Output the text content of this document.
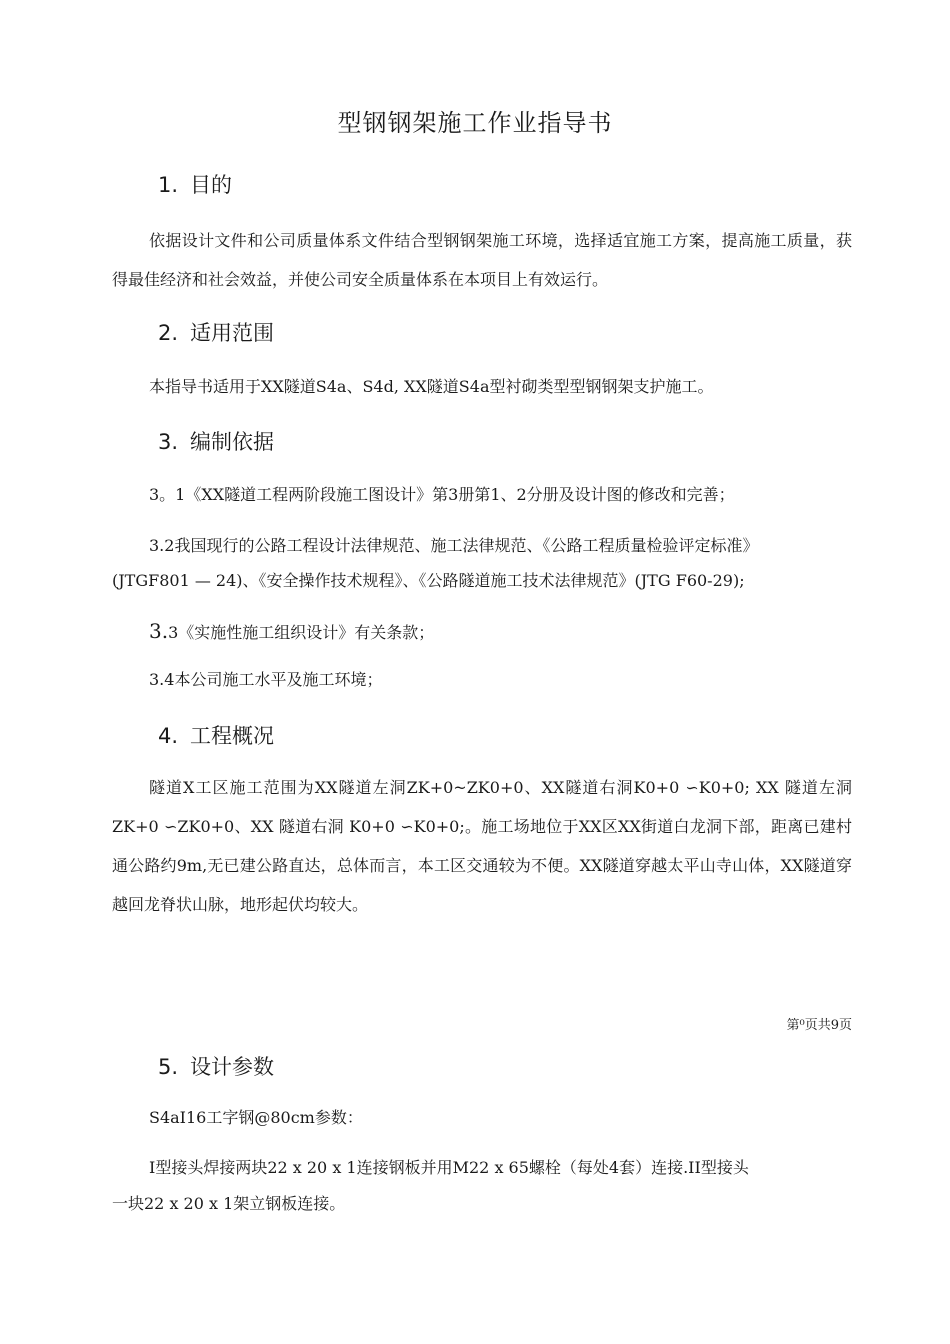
型钢钢架施工作业指导书
1. 目的
依据设计文件和公司质量体系文件结合型钢钢架施工环境，选择适宜施工方案，提高施工质量，获得最佳经济和社会效益，并使公司安全质量体系在本项目上有效运行。
2. 适用范围
本指导书适用于XX隧道S4a、S4d, XX隧道S4a型衬砌类型型钢钢架支护施工。
3. 编制依据
3。1《XX隧道工程两阶段施工图设计》第3册第1、2分册及设计图的修改和完善；
3.2我国现行的公路工程设计法律规范、施工法律规范、《公路工程质量检验评定标准》
(JTGF801 — 24)、《安全操作技术规程》、《公路隧道施工技术法律规范》(JTG F60-29);
3.3《实施性施工组织设计》有关条款；
3.4本公司施工水平及施工环境；
4. 工程概况
隧道X工区施工范围为XX隧道左洞ZK+0~ZK0+0、XX隧道右洞K0+0 ∽K0+0; XX 隧道左洞 ZK+0 ∽ZK0+0、XX 隧道右洞 K0+0 ∽K0+0;。施工场地位于XX区XX街道白龙洞下部，距离已建村通公路约9m,无已建公路直达，总体而言，本工区交通较为不便。XX隧道穿越太平山寺山体，XX隧道穿越回龙脊状山脉，地形起伏均较大。
第⁰页共9页
5. 设计参数
S4aI16工字钢@80cm参数：
I型接头焊接两块22 x 20 x 1连接钢板并用M22 x 65螺栓（每处4套）连接.II型接头
一块22 x 20 x 1架立钢板连接。
